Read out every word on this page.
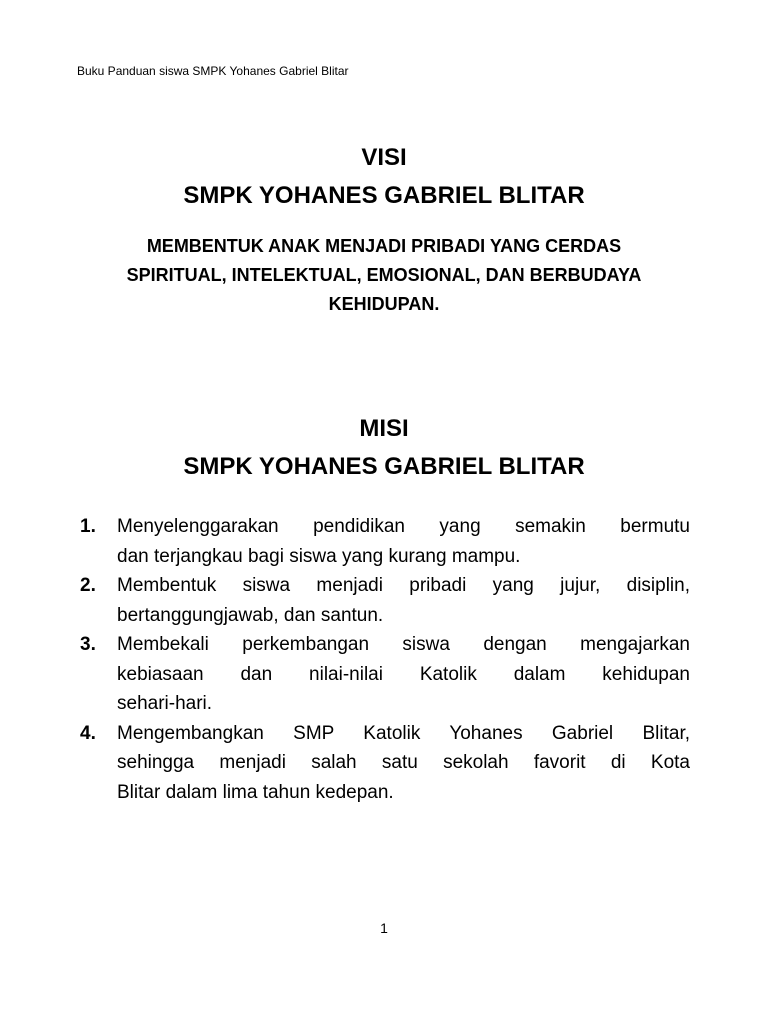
Buku Panduan siswa SMPK Yohanes Gabriel Blitar
VISI
SMPK YOHANES GABRIEL BLITAR
MEMBENTUK ANAK MENJADI PRIBADI YANG CERDAS
SPIRITUAL, INTELEKTUAL, EMOSIONAL, DAN BERBUDAYA
KEHIDUPAN.
MISI
SMPK YOHANES GABRIEL BLITAR
1. Menyelenggarakan pendidikan yang semakin bermutu
dan terjangkau bagi siswa yang kurang mampu.
2. Membentuk siswa menjadi pribadi yang jujur, disiplin,
bertanggungjawab, dan santun.
3. Membekali perkembangan siswa dengan mengajarkan
kebiasaan dan nilai-nilai Katolik dalam kehidupan
sehari-hari.
4. Mengembangkan SMP Katolik Yohanes Gabriel Blitar,
sehingga menjadi salah satu sekolah favorit di Kota
Blitar dalam lima tahun kedepan.
1
